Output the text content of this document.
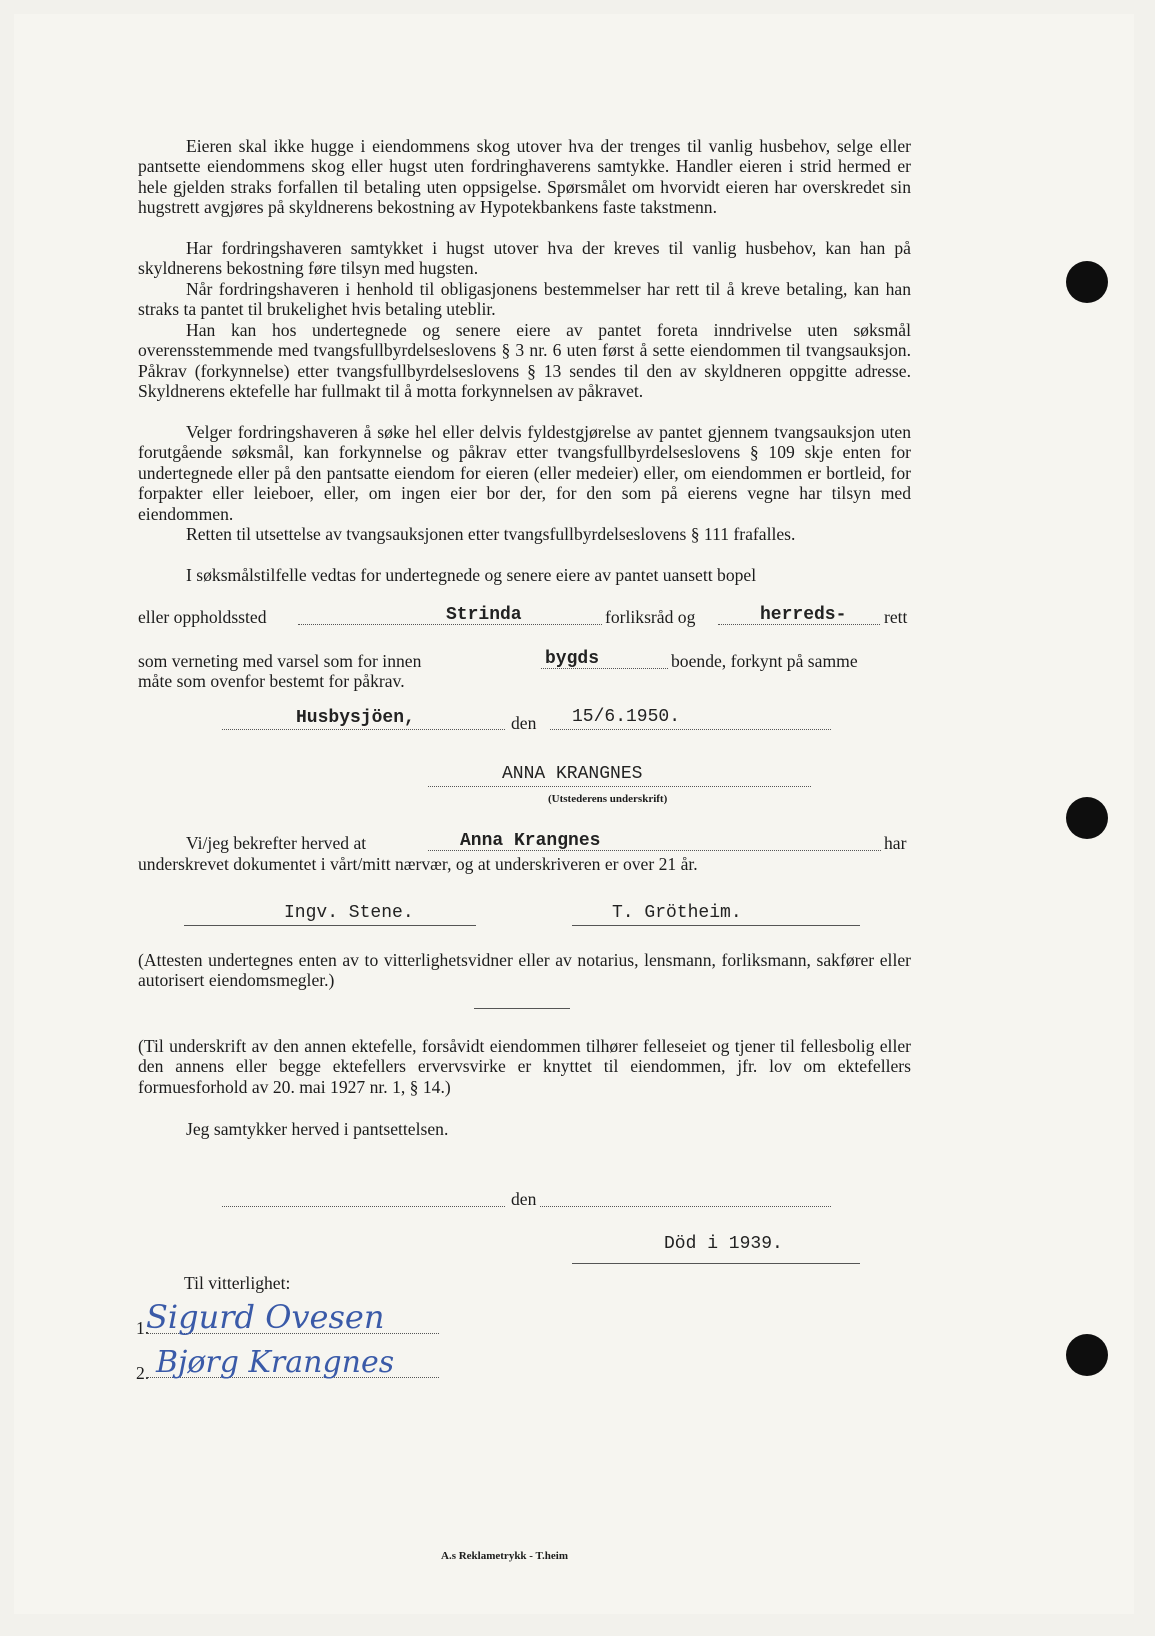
Eieren skal ikke hugge i eiendommens skog utover hva der trenges til vanlig husbehov, selge eller pantsette eiendommens skog eller hugst uten fordringhaverens samtykke. Handler eieren i strid hermed er hele gjelden straks forfallen til betaling uten oppsigelse. Spørsmålet om hvorvidt eieren har overskredet sin hugstrett avgjøres på skyldnerens bekostning av Hypotekbankens faste takstmenn.

Har fordringshaveren samtykket i hugst utover hva der kreves til vanlig husbehov, kan han på skyldnerens bekostning føre tilsyn med hugsten.

Når fordringshaveren i henhold til obligasjonens bestemmelser har rett til å kreve betaling, kan han straks ta pantet til brukelighet hvis betaling uteblir.

Han kan hos undertegnede og senere eiere av pantet foreta inndrivelse uten søksmål overensstemmende med tvangsfullbyrdelseslovens § 3 nr. 6 uten først å sette eiendommen til tvangsauksjon. Påkrav (forkynnelse) etter tvangsfullbyrdelseslovens § 13 sendes til den av skyldneren oppgitte adresse. Skyldnerens ektefelle har fullmakt til å motta forkynnelsen av påkravet.

Velger fordringshaveren å søke hel eller delvis fyldestgjørelse av pantet gjennem tvangsauksjon uten forutgående søksmål, kan forkynnelse og påkrav etter tvangsfullbyrdelseslovens § 109 skje enten for undertegnede eller på den pantsatte eiendom for eieren (eller medeier) eller, om eiendommen er bortleid, for forpakter eller leieboer, eller, om ingen eier bor der, for den som på eierens vegne har tilsyn med eiendommen.

Retten til utsettelse av tvangsauksjonen etter tvangsfullbyrdelseslovens § 111 frafalles.

I søksmålstilfelle vedtas for undertegnede og senere eiere av pantet uansett bopel

eller oppholdssted	Strinda	forliksråd og	herreds- rett
som verneting med varsel som for innen	bygds	boende, forkynt på samme
måte som ovenfor bestemt for påkrav.
Husbysjöen,	den 15/6.1950.
ANNA KRANGNES
(Utstederens underskrift)
Vi/jeg bekrefter herved at	Anna Krangnes	har
underskrevet dokumentet i vårt/mitt nærvær, og at underskriveren er over 21 år.
Ingv. Stene.	T. Grötheim.

(Attesten undertegnes enten av to vitterlighetsvidner eller av notarius, lensmann, forliksmann, sakfører eller autorisert eiendomsmegler.)

(Til underskrift av den annen ektefelle, forsåvidt eiendommen tilhører felleseiet og tjener til fellesbolig eller den annens eller begge ektefellers ervervsvirke er knyttet til eiendommen, jfr. lov om ektefellers formuesforhold av 20. mai 1927 nr. 1, § 14.)

Jeg samtykker herved i pantsettelsen.
den
Död i 1939.
Til vitterlighet:
1.
Sigurd Ovesen
2. Bjørg Krangnes
A.s Reklametrykk - T.heim
